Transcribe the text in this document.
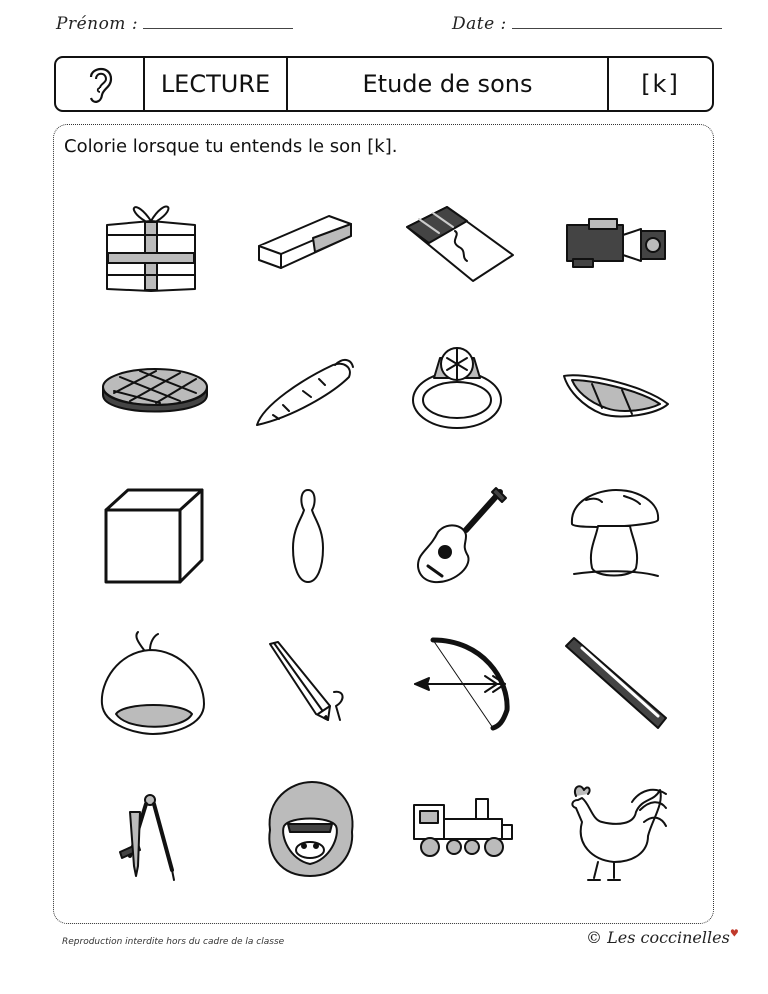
Prénom :	Date :
LECTURE	Etude de sons	[k]
Colorie lorsque tu entends le son [k].
Reproduction interdite hors du cadre de la classe	© Les coccinelles♥
